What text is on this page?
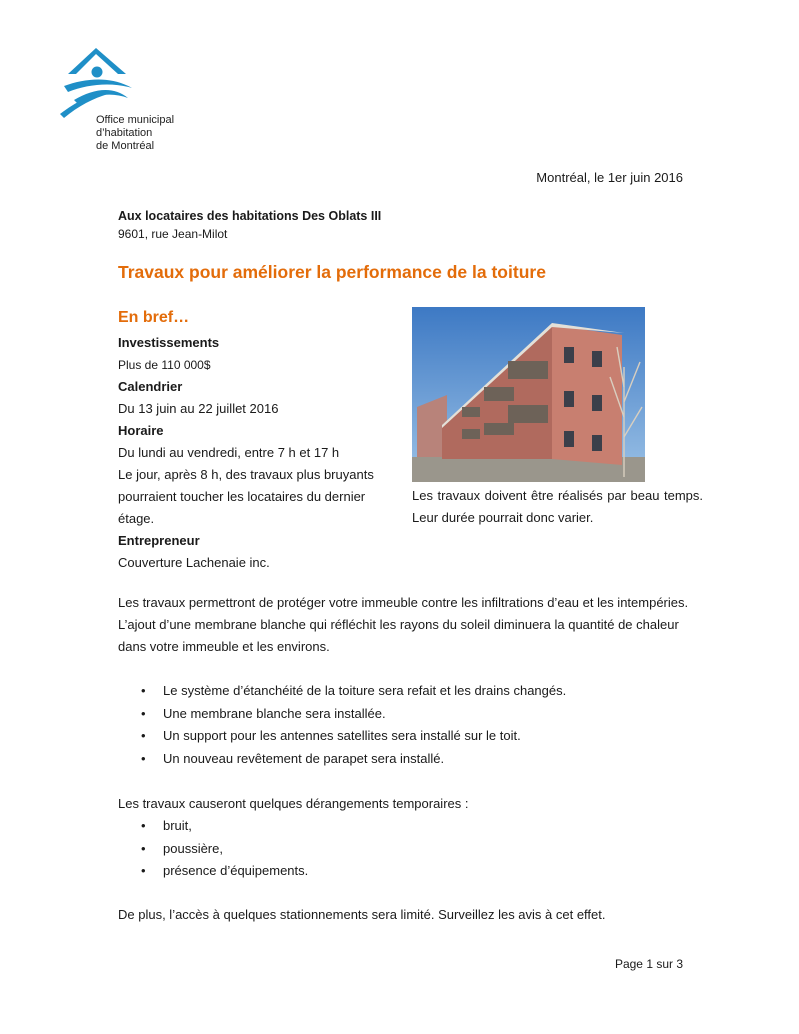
Office municipal
d’habitation
de Montréal
Montréal, le 1er juin 2016
Aux locataires des habitations Des Oblats III
9601, rue Jean-Milot
Travaux pour améliorer la performance de la toiture
En bref…
Investissements
Plus de 110 000$
Calendrier
Du 13 juin au 22 juillet 2016
Horaire
Du lundi au vendredi, entre 7 h et 17 h
Le jour, après 8 h, des travaux plus bruyants pourraient toucher les locataires du dernier étage.
Entrepreneur
Couverture Lachenaie inc.
Les travaux doivent être réalisés par beau temps. Leur durée pourrait donc varier.
Les travaux permettront de protéger votre immeuble contre les infiltrations d’eau et les intempéries. L’ajout d’une membrane blanche qui réfléchit les rayons du soleil diminuera la quantité de chaleur dans votre immeuble et les environs.
• Le système d’étanchéité de la toiture sera refait et les drains changés.
• Une membrane blanche sera installée.
• Un support pour les antennes satellites sera installé sur le toit.
• Un nouveau revêtement de parapet sera installé.
Les travaux causeront quelques dérangements temporaires :
• bruit,
• poussière,
• présence d’équipements.
De plus, l’accès à quelques stationnements sera limité. Surveillez les avis à cet effet.
Page 1 sur 3
